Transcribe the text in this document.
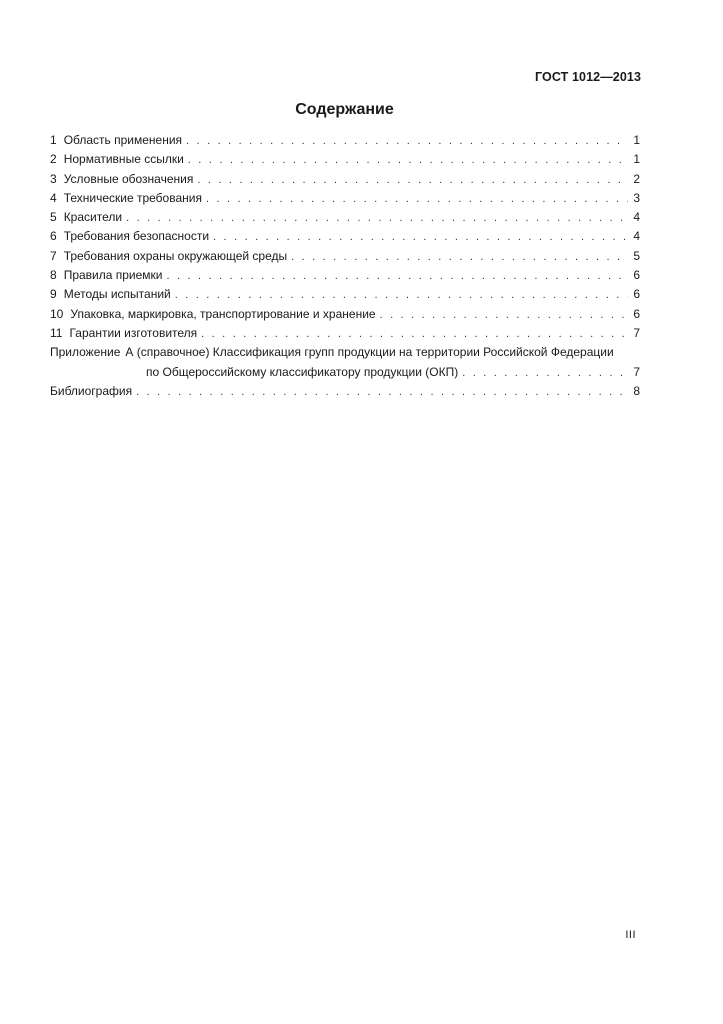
ГОСТ 1012—2013
Содержание
1 Область применения . . .	1
2 Нормативные ссылки . . .	1
3 Условные обозначения . . .	2
4 Технические требования . . .	3
5 Красители . . .	4
6 Требования безопасности . . .	4
7 Требования охраны окружающей среды . . .	5
8 Правила приемки . . .	6
9 Методы испытаний . . .	6
10 Упаковка, маркировка, транспортирование и хранение . . .	6
11 Гарантии изготовителя . . .	7
Приложение А (справочное) Классификация групп продукции на территории Российской Федерации
по Общероссийскому классификатору продукции (ОКП) . . .	7
Библиография . . .	8
III
